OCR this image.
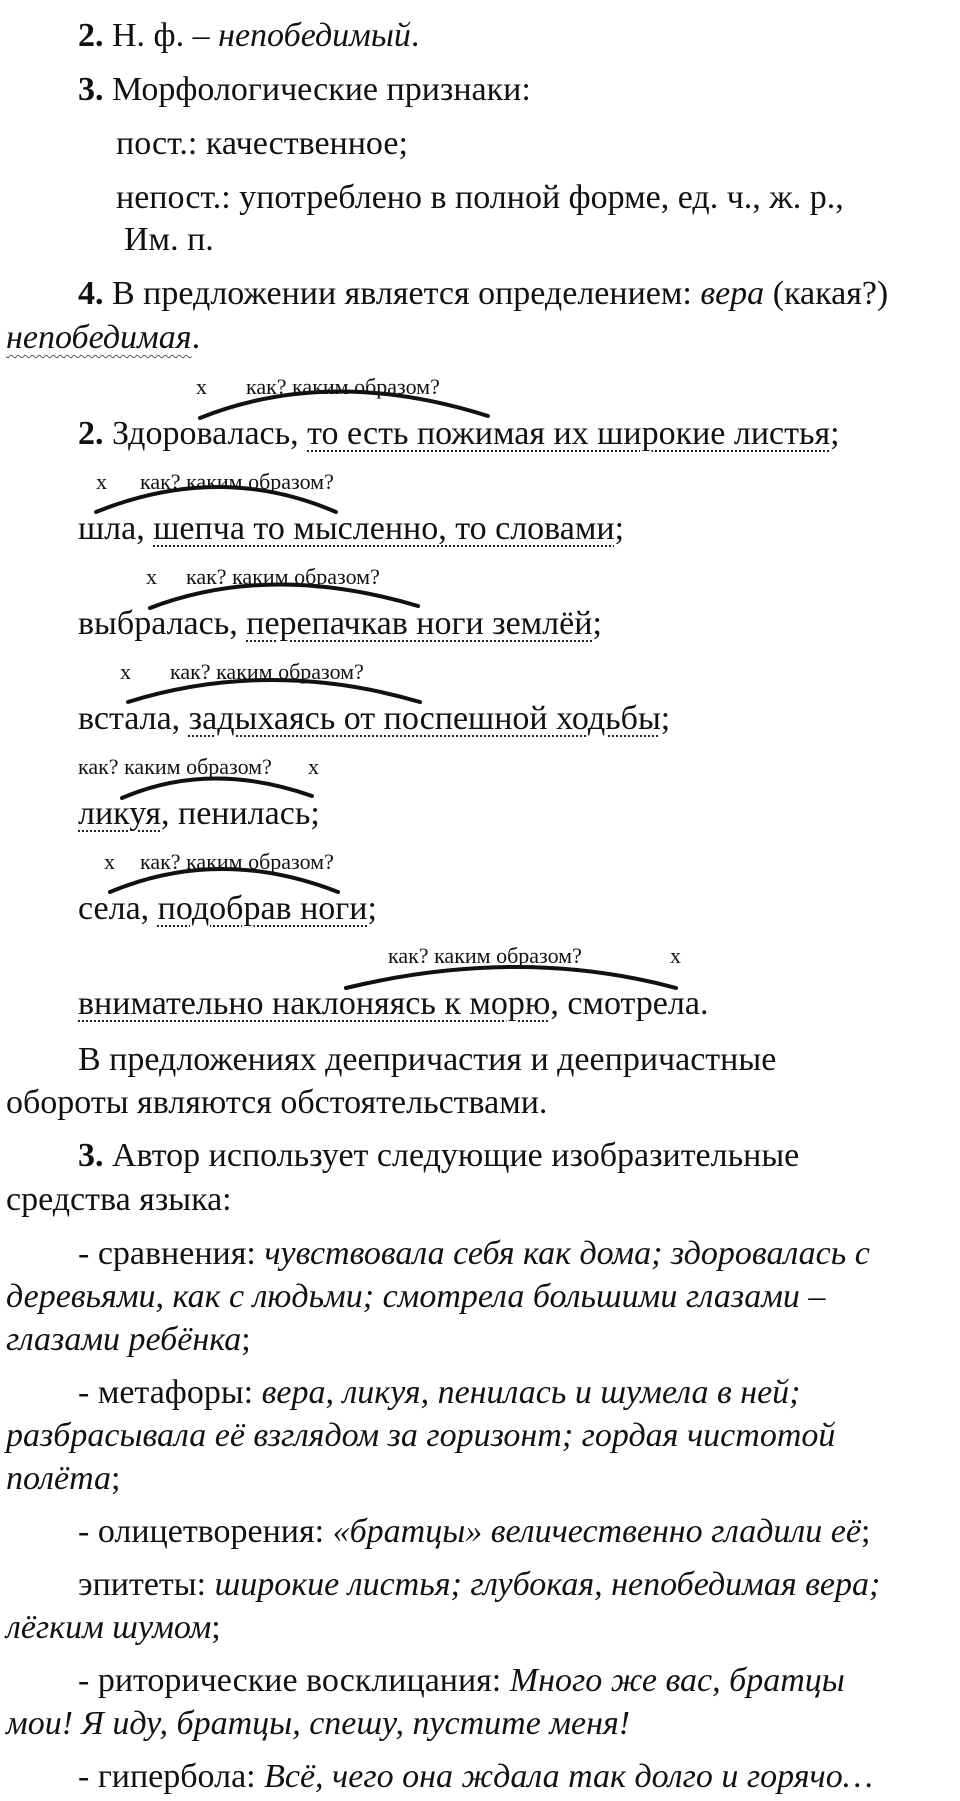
2. Н. ф. – непобедимый.
3. Морфологические признаки:
пост.: качественное;
непост.: употреблено в полной форме, ед. ч., ж. р.,
Им. п.
4. В предложении является определением: вера (какая?)
непобедимая.
х как? каким образом?
х как? каким образом?
х как? каким образом?
х как? каким образом?
как? каким образом? х
х как? каким образом?
как? каким образом?	х
2. Здоровалась, то есть пожимая их широкие листья;
шла, шепча то мысленно, то словами;
выбралась, перепачкав ноги землёй;
встала, задыхаясь от поспешной ходьбы;
ликуя, пенилась;
села, подобрав ноги;
внимательно наклоняясь к морю, смотрела.
В предложениях деепричастия и деепричастные
обороты являются обстоятельствами.
3. Автор использует следующие изобразительные
средства языка:
- сравнения: чувствовала себя как дома; здоровалась с
деревьями, как с людьми; смотрела большими глазами –
глазами ребёнка;
- метафоры: вера, ликуя, пенилась и шумела в ней;
разбрасывала её взглядом за горизонт; гордая чистотой
полёта;
- олицетворения: «братцы» величественно гладили её;
эпитеты: широкие листья; глубокая, непобедимая вера;
лёгким шумом;
- риторические восклицания: Много же вас, братцы
мои! Я иду, братцы, спешу, пустите меня!
- гипербола: Всё, чего она ждала так долго и горячо…
